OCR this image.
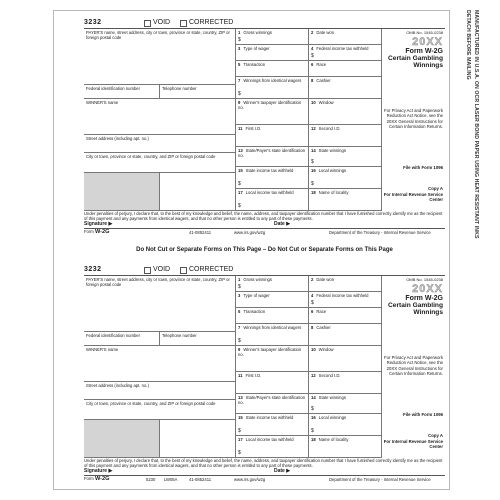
3232	VOID	CORRECTED
PAYER'S name, street address, city or town, province or state, country, ZIP or foreign postal code
Federal identification number	Telephone number
WINNER'S name
Street address (including apt. no.)
City or town, province or state, country, and ZIP or foreign postal code
1 Gross winnings
$
2 Date won
3 Type of wager	4 Federal income tax withheld
$
5 Transaction	6 Race
7 Winnings from identical wagers
$
8 Cashier
9 Winner's taxpayer identification no.
10 Window
11 First I.D.	12 Second I.D.
13 State/Payer's state identification no.
14 State winnings
$
15 State income tax withheld
$
16 Local winnings
$
17 Local income tax withheld
$
18 Name of locality
OMB No. 1545-0238
20XX
Form W-2G
Certain Gambling Winnings
For Privacy Act and Paperwork Reduction Act Notice, see the 20XX General Instructions for Certain Information Returns.
File with Form 1096
Copy A
For Internal Revenue Service Center
Under penalties of perjury, I declare that, to the best of my knowledge and belief, the name, address, and taxpayer identification number that I have furnished correctly identify me as the recipient of this payment and any payments from identical wagers, and that no other person is entitled to any part of these payments.
Signature ▶	Date ▶
Form W-2G	41-0852411	www.irs.gov/w2g	Department of the Treasury - Internal Revenue Service
Do Not Cut or Separate Forms on This Page – Do Not Cut or Separate Forms on This Page
3232	VOID	CORRECTED
PAYER'S name, street address, city or town, province or state, country, ZIP or foreign postal code
Federal identification number	Telephone number
WINNER'S name
Street address (including apt. no.)
City or town, province or state, country, and ZIP or foreign postal code
1 Gross winnings
$
2 Date won
3 Type of wager	4 Federal income tax withheld
$
5 Transaction	6 Race
7 Winnings from identical wagers
$
8 Cashier
9 Winner's taxpayer identification no.
10 Window
11 First I.D.	12 Second I.D.
13 State/Payer's state identification no.
14 State winnings
$
15 State income tax withheld
$
16 Local winnings
$
17 Local income tax withheld
$
18 Name of locality
OMB No. 1545-0238
20XX
Form W-2G
Certain Gambling Winnings
For Privacy Act and Paperwork Reduction Act Notice, see the 20XX General Instructions for Certain Information Returns.
File with Form 1096
Copy A
For Internal Revenue Service Center
Under penalties of perjury, I declare that, to the best of my knowledge and belief, the name, address, and taxpayer identification number that I have furnished correctly identify me as the recipient of this payment and any payments from identical wagers, and that no other person is entitled to any part of these payments.
Signature ▶	Date ▶
Form W-2G	5230 LW05A	41-0852411	www.irs.gov/w2g	Department of the Treasury - Internal Revenue Service
DETACH BEFORE MAILING MANUFACTURED IN U.S.A. ON OCR LASER BOND PAPER USING HEAT RESISTANT INKS
